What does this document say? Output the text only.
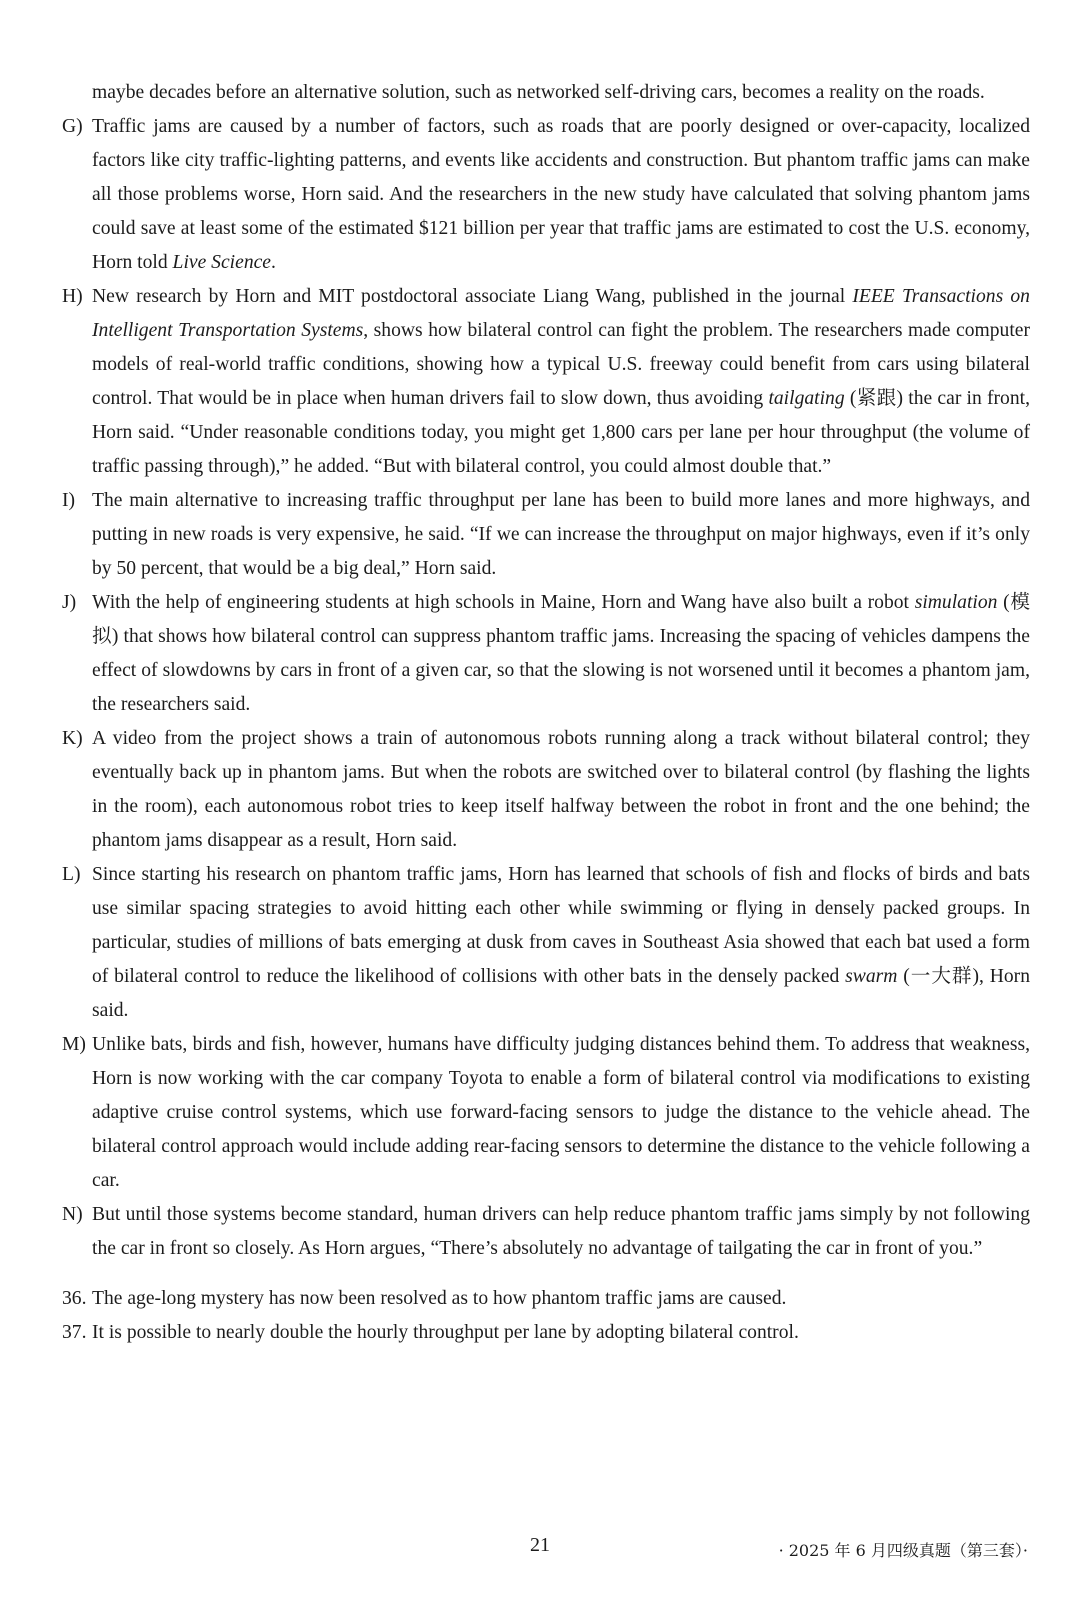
maybe decades before an alternative solution, such as networked self-driving cars, becomes a reality on the roads.
G) Traffic jams are caused by a number of factors, such as roads that are poorly designed or over-capacity, localized factors like city traffic-lighting patterns, and events like accidents and construction. But phantom traffic jams can make all those problems worse, Horn said. And the researchers in the new study have calculated that solving phantom jams could save at least some of the estimated $121 billion per year that traffic jams are estimated to cost the U.S. economy, Horn told Live Science.
H) New research by Horn and MIT postdoctoral associate Liang Wang, published in the journal IEEE Transactions on Intelligent Transportation Systems, shows how bilateral control can fight the problem. The researchers made computer models of real-world traffic conditions, showing how a typical U.S. freeway could benefit from cars using bilateral control. That would be in place when human drivers fail to slow down, thus avoiding tailgating (紧跟) the car in front, Horn said. “Under reasonable conditions today, you might get 1,800 cars per lane per hour throughput (the volume of traffic passing through),” he added. “But with bilateral control, you could almost double that.”
I) The main alternative to increasing traffic throughput per lane has been to build more lanes and more highways, and putting in new roads is very expensive, he said. “If we can increase the throughput on major highways, even if it’s only by 50 percent, that would be a big deal,” Horn said.
J) With the help of engineering students at high schools in Maine, Horn and Wang have also built a robot simulation (模拟) that shows how bilateral control can suppress phantom traffic jams. Increasing the spacing of vehicles dampens the effect of slowdowns by cars in front of a given car, so that the slowing is not worsened until it becomes a phantom jam, the researchers said.
K) A video from the project shows a train of autonomous robots running along a track without bilateral control; they eventually back up in phantom jams. But when the robots are switched over to bilateral control (by flashing the lights in the room), each autonomous robot tries to keep itself halfway between the robot in front and the one behind; the phantom jams disappear as a result, Horn said.
L) Since starting his research on phantom traffic jams, Horn has learned that schools of fish and flocks of birds and bats use similar spacing strategies to avoid hitting each other while swimming or flying in densely packed groups. In particular, studies of millions of bats emerging at dusk from caves in Southeast Asia showed that each bat used a form of bilateral control to reduce the likelihood of collisions with other bats in the densely packed swarm (一大群), Horn said.
M) Unlike bats, birds and fish, however, humans have difficulty judging distances behind them. To address that weakness, Horn is now working with the car company Toyota to enable a form of bilateral control via modifications to existing adaptive cruise control systems, which use forward-facing sensors to judge the distance to the vehicle ahead. The bilateral control approach would include adding rear-facing sensors to determine the distance to the vehicle following a car.
N) But until those systems become standard, human drivers can help reduce phantom traffic jams simply by not following the car in front so closely. As Horn argues, “There’s absolutely no advantage of tailgating the car in front of you.”
36. The age-long mystery has now been resolved as to how phantom traffic jams are caused.
37. It is possible to nearly double the hourly throughput per lane by adopting bilateral control.
21	· 2025 年 6 月四级真题（第三套）·
